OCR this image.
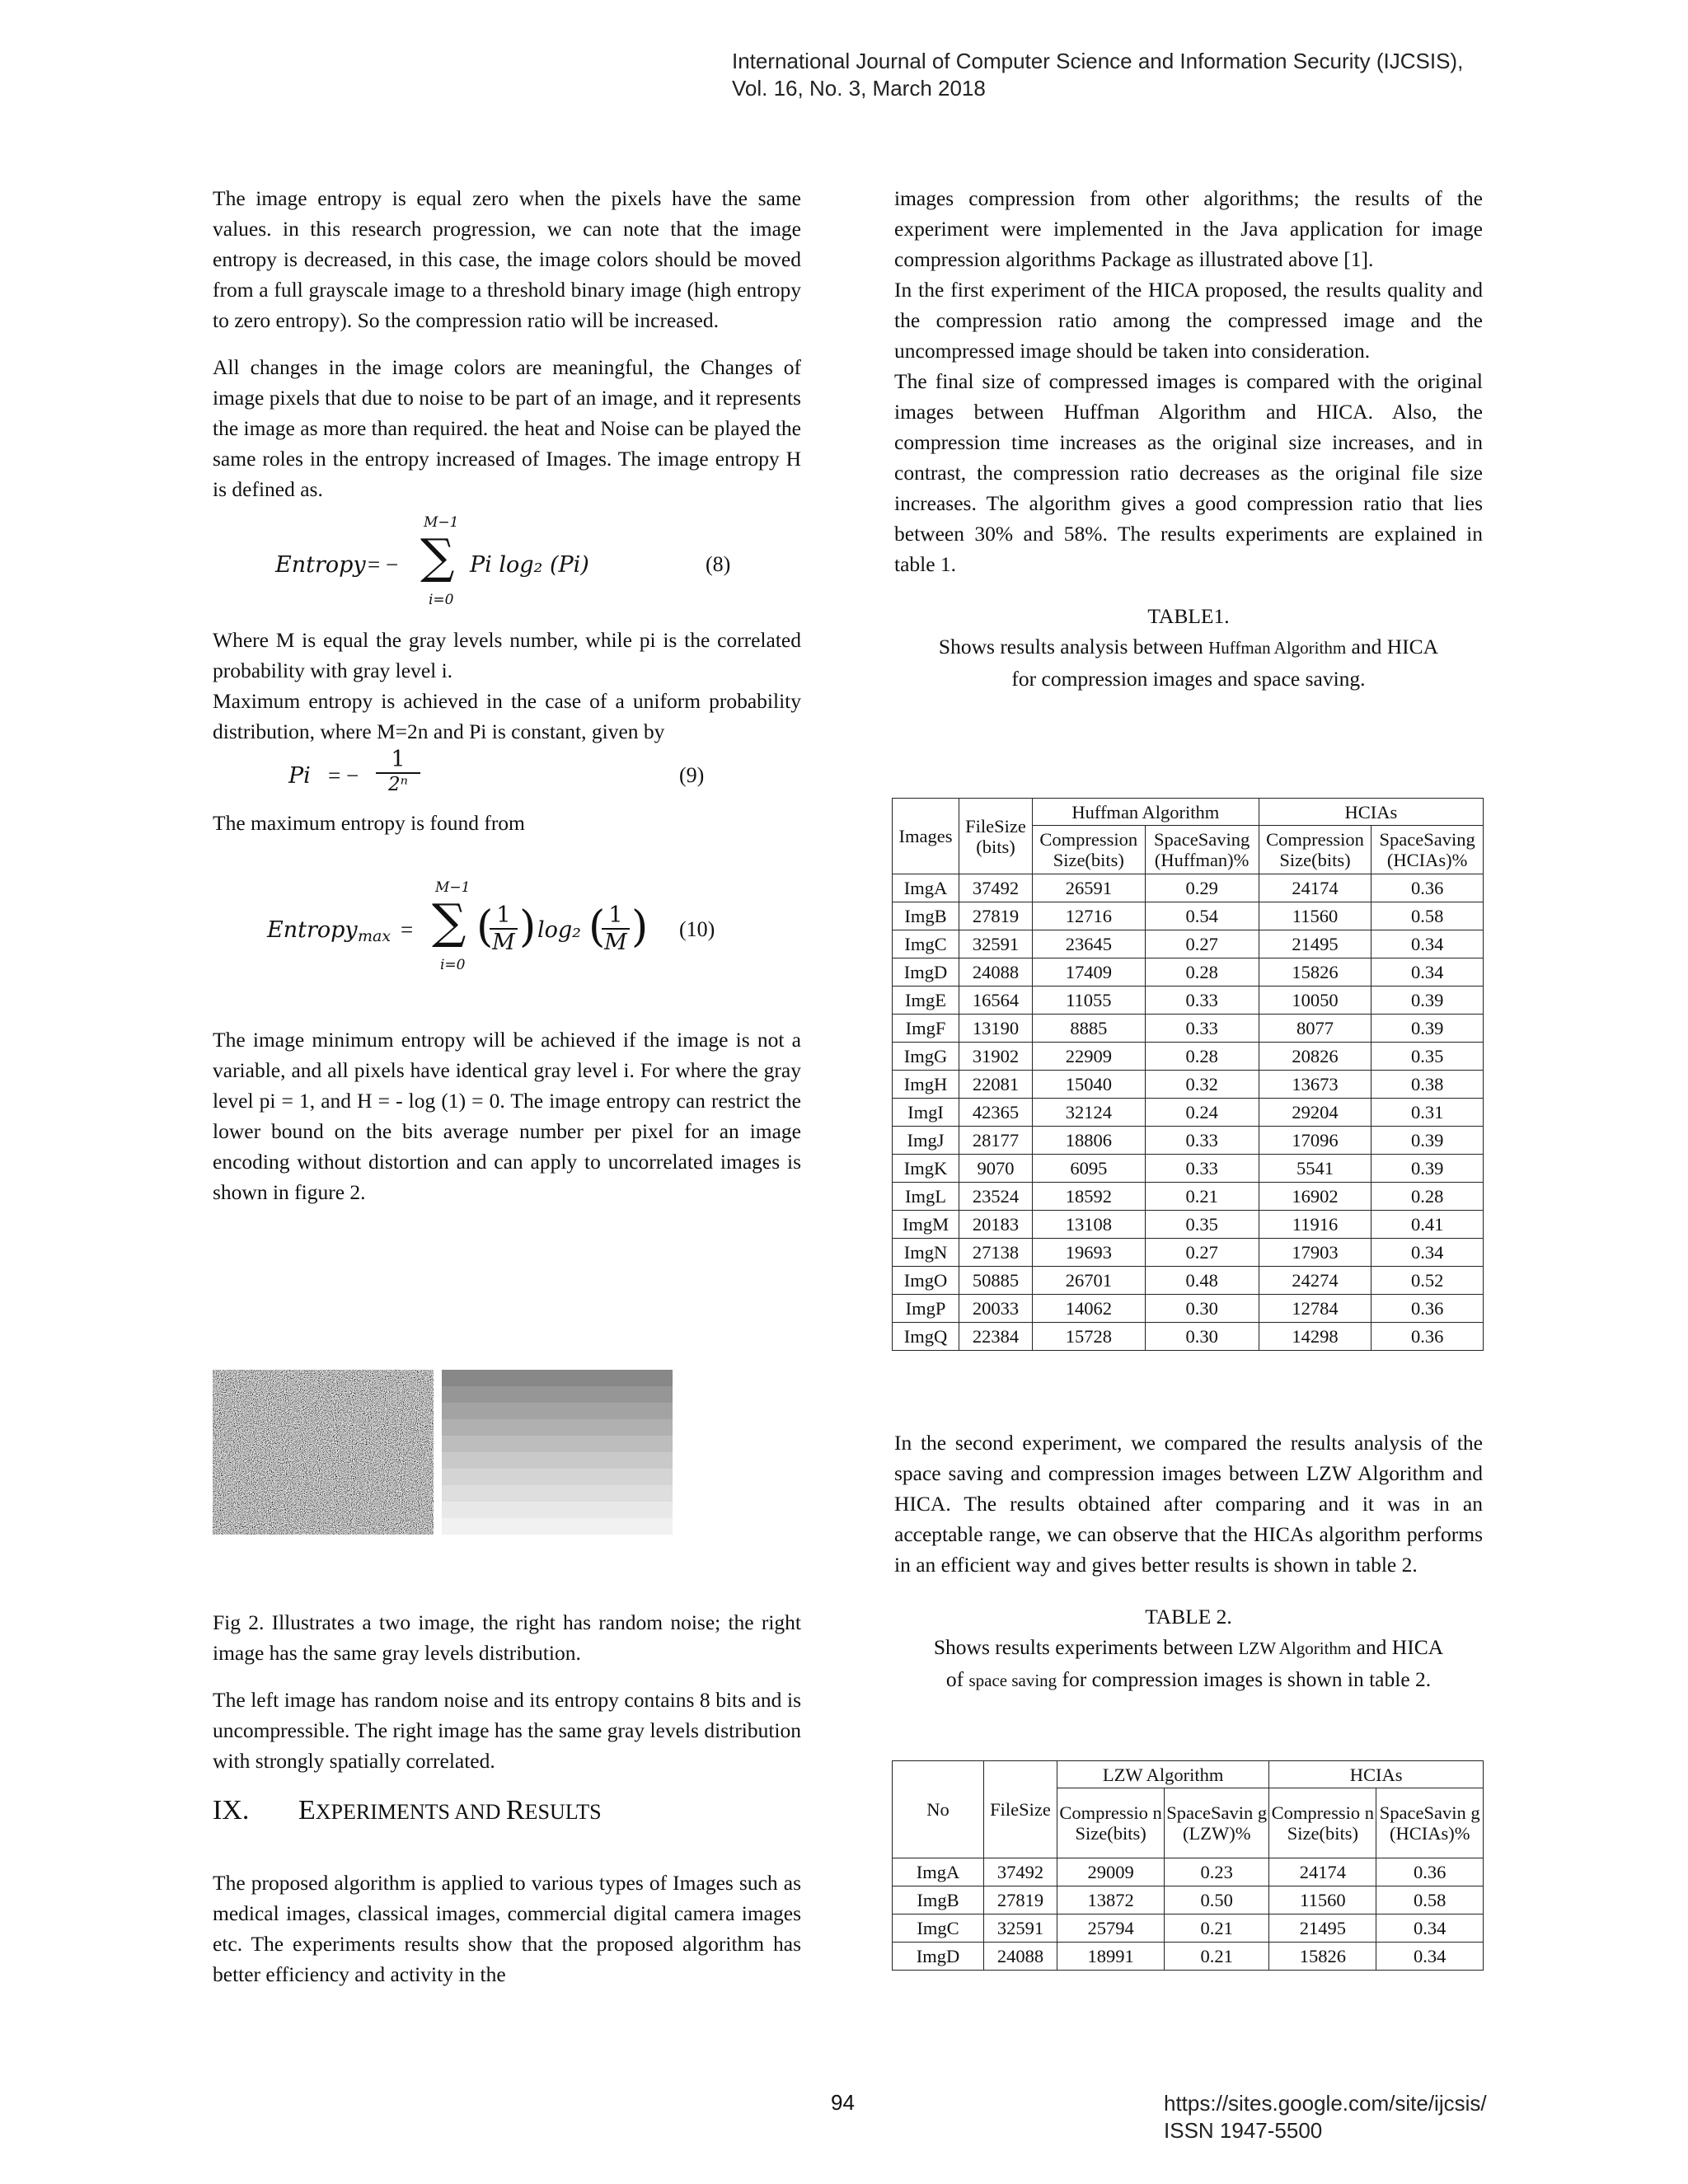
International Journal of Computer Science and Information Security (IJCSIS),
Vol. 16, No. 3, March 2018

The image entropy is equal zero when the pixels have the same values. in this research progression, we can note that the image entropy is decreased, in this case, the image colors should be moved from a full grayscale image to a threshold binary image (high entropy to zero entropy). So the compression ratio will be increased.

All changes in the image colors are meaningful, the Changes of image pixels that due to noise to be part of an image, and it represents the image as more than required. the heat and Noise can be played the same roles in the entropy increased of Images. The image entropy H is defined as.

Entropy = −
M−1
∑
i=0
Pi log₂ (Pi)	(8)

Where M is equal the gray levels number, while pi is the correlated probability with gray level i.

Maximum entropy is achieved in the case of a uniform probability distribution, where M=2n and Pi is constant, given by

Pi = − $\frac{1}{\text{2ⁿ}}$	(9)

The maximum entropy is found from

Entropy max =
M−1
∑
i=0
(
$\frac{1}{M}$ ) log₂ (
$\frac{1}{M}$ ) (10)

The image minimum entropy will be achieved if the image is not a variable, and all pixels have identical gray level i. For where the gray level pi = 1, and H = - log (1) = 0. The image entropy can restrict the lower bound on the bits average number per pixel for an image encoding without distortion and can apply to uncorrelated images is shown in figure 2.

Fig 2. Illustrates a two image, the right has random noise; the right image has the same gray levels distribution.

The left image has random noise and its entropy contains 8 bits and is uncompressible. The right image has the same gray levels distribution with strongly spatially correlated.

IX. EXPERIMENTS AND RESULTS

The proposed algorithm is applied to various types of Images such as medical images, classical images, commercial digital camera images etc. The experiments results show that the proposed algorithm has better efficiency and activity in the

images compression from other algorithms; the results of the experiment were implemented in the Java application for image compression algorithms Package as illustrated above [1].

In the first experiment of the HICA proposed, the results quality and the compression ratio among the compressed image and the uncompressed image should be taken into consideration.

The final size of compressed images is compared with the original images between Huffman Algorithm and HICA. Also, the compression time increases as the original size increases, and in contrast, the compression ratio decreases as the original file size increases. The algorithm gives a good compression ratio that lies between 30% and 58%. The results experiments are explained in table 1.

TABLE1.
Shows results analysis between Huffman Algorithm and HICA
for compression images and space saving.
Images	FileSize (bits)	Huffman Algorithm		HCIAs	
		Compression Size(bits)	SpaceSaving (Huffman)%	Compression Size(bits)	SpaceSaving (HCIAs)%
ImgA	37492	26591	0.29	24174	0.36
ImgB	27819	12716	0.54	11560	0.58
ImgC	32591	23645	0.27	21495	0.34
ImgD	24088	17409	0.28	15826	0.34
ImgE	16564	11055	0.33	10050	0.39
ImgF	13190	8885	0.33	8077	0.39
ImgG	31902	22909	0.28	20826	0.35
ImgH	22081	15040	0.32	13673	0.38
ImgI	42365	32124	0.24	29204	0.31
ImgJ	28177	18806	0.33	17096	0.39
ImgK	9070	6095	0.33	5541	0.39
ImgL	23524	18592	0.21	16902	0.28
ImgM	20183	13108	0.35	11916	0.41
ImgN	27138	19693	0.27	17903	0.34
ImgO	50885	26701	0.48	24274	0.52
ImgP	20033	14062	0.30	12784	0.36
ImgQ	22384	15728	0.30	14298	0.36

In the second experiment, we compared the results analysis of the space saving and compression images between LZW Algorithm and HICA. The results obtained after comparing and it was in an acceptable range, we can observe that the HICAs algorithm performs in an efficient way and gives better results is shown in table 2.

TABLE 2.
Shows results experiments between LZW Algorithm and HICA
of space saving for compression images is shown in table 2.
No	FileSize	LZW Algorithm		HCIAs	
		Compressio n Size(bits)	SpaceSavin g (LZW)%	Compressio n Size(bits)	SpaceSavin g (HCIAs)%
ImgA	37492	29009	0.23	24174	0.36
ImgB	27819	13872	0.50	11560	0.58
ImgC	32591	25794	0.21	21495	0.34
ImgD	24088	18991	0.21	15826	0.34
94	https://sites.google.com/site/ijcsis/
ISSN 1947-5500
